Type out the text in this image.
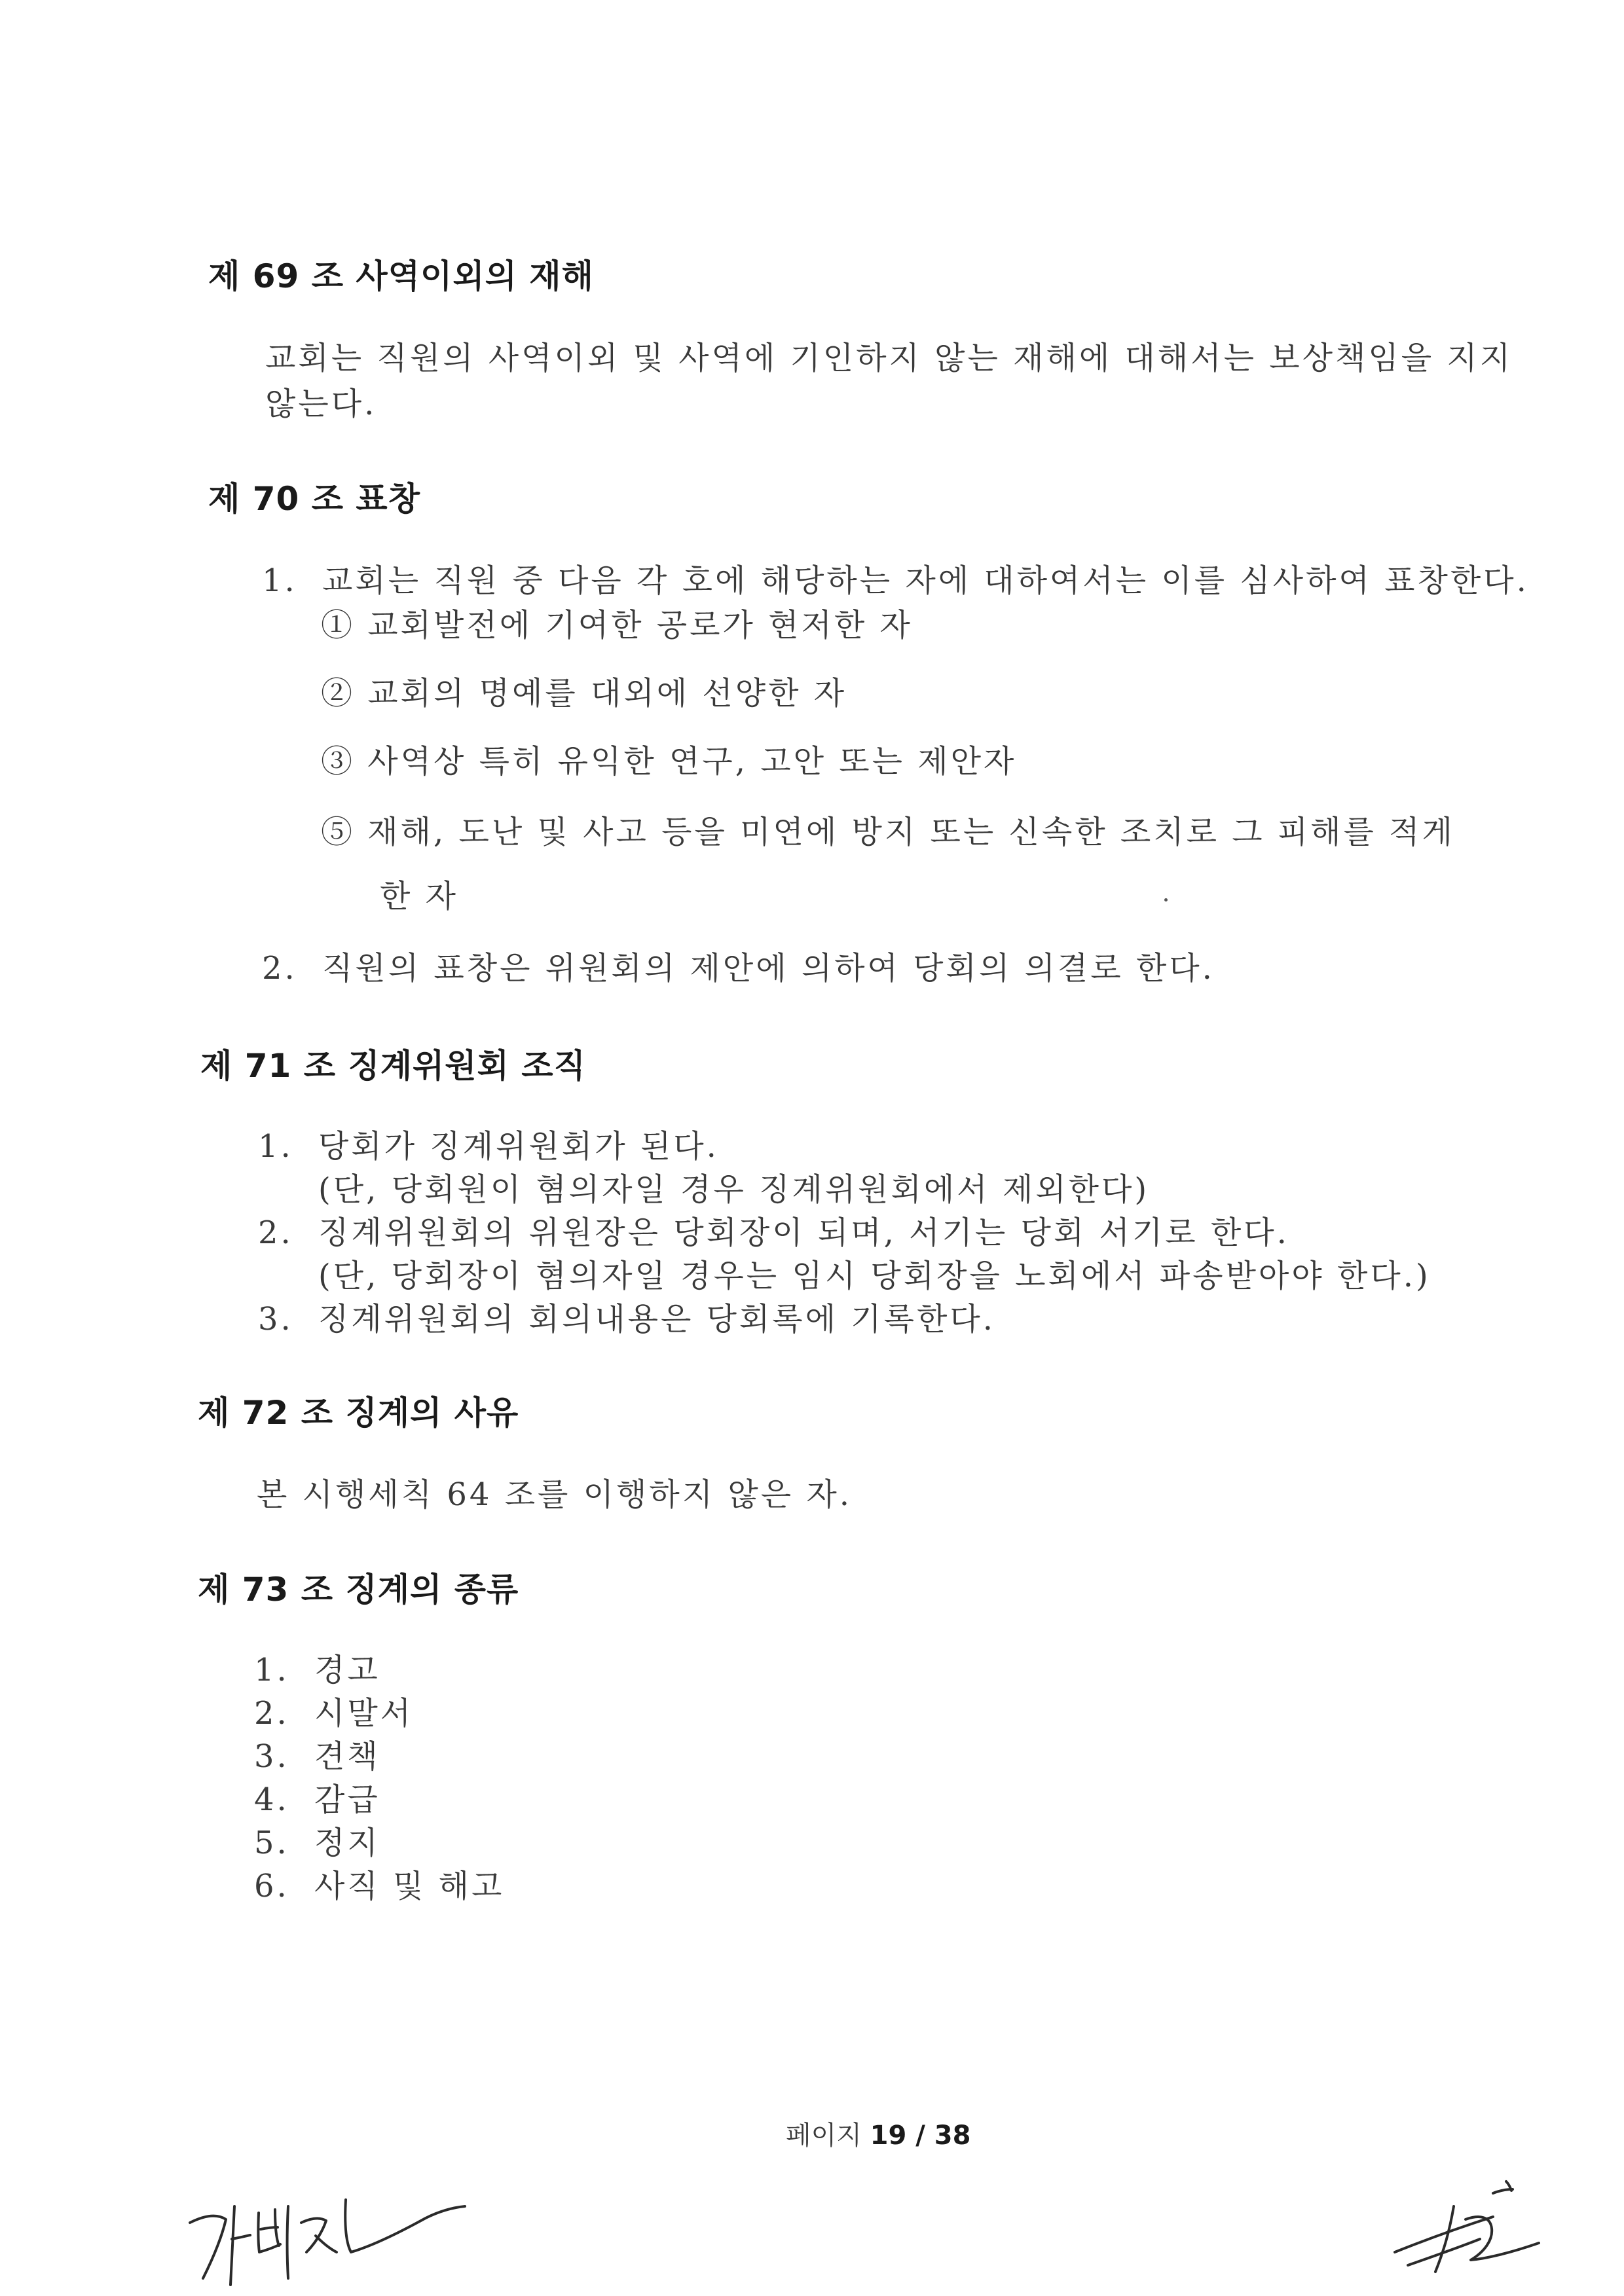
제 69 조 사역이외의 재해
교회는 직원의 사역이외 및 사역에 기인하지 않는 재해에 대해서는 보상책임을 지지
않는다.
제 70 조 표창
1. 교회는 직원 중 다음 각 호에 해당하는 자에 대하여서는 이를 심사하여 표창한다.
① 교회발전에 기여한 공로가 현저한 자
② 교회의 명예를 대외에 선양한 자
③ 사역상 특히 유익한 연구, 고안 또는 제안자
⑤ 재해, 도난 및 사고 등을 미연에 방지 또는 신속한 조치로 그 피해를 적게
한 자
2. 직원의 표창은 위원회의 제안에 의하여 당회의 의결로 한다.
제 71 조 징계위원회 조직
1. 당회가 징계위원회가 된다.
(단, 당회원이 혐의자일 경우 징계위원회에서 제외한다)
2. 징계위원회의 위원장은 당회장이 되며, 서기는 당회 서기로 한다.
(단, 당회장이 혐의자일 경우는 임시 당회장을 노회에서 파송받아야 한다.)
3. 징계위원회의 회의내용은 당회록에 기록한다.
제 72 조 징계의 사유
본 시행세칙 64 조를 이행하지 않은 자.
제 73 조 징계의 종류
1. 경고
2. 시말서
3. 견책
4. 감급
5. 정지
6. 사직 및 해고
페이지 19 / 38
